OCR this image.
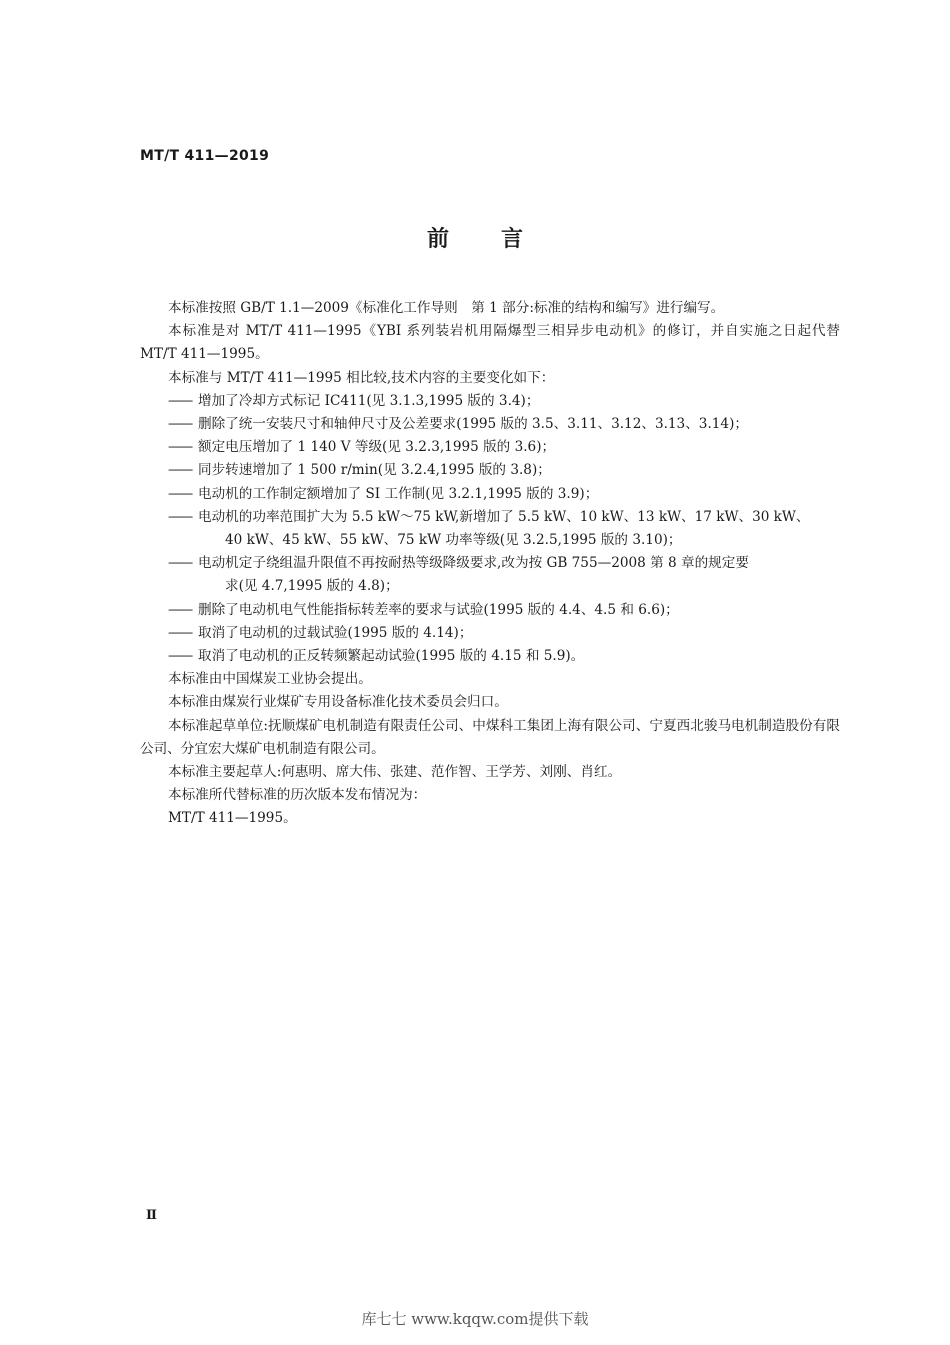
MT/T 411—2019
前言
本标准按照 GB/T 1.1—2009《标准化工作导则　第 1 部分:标准的结构和编写》进行编写。
本标准是对 MT/T 411—1995《YBI 系列装岩机用隔爆型三相异步电动机》的修订，并自实施之日起代替 MT/T 411—1995。
本标准与 MT/T 411—1995 相比较,技术内容的主要变化如下：
—— 增加了冷却方式标记 IC411(见 3.1.3,1995 版的 3.4)；
—— 删除了统一安装尺寸和轴伸尺寸及公差要求(1995 版的 3.5、3.11、3.12、3.13、3.14)；
—— 额定电压增加了 1 140 V 等级(见 3.2.3,1995 版的 3.6)；
—— 同步转速增加了 1 500 r/min(见 3.2.4,1995 版的 3.8)；
—— 电动机的工作制定额增加了 SI 工作制(见 3.2.1,1995 版的 3.9)；
—— 电动机的功率范围扩大为 5.5 kW～75 kW,新增加了 5.5 kW、10 kW、13 kW、17 kW、30 kW、
40 kW、45 kW、55 kW、75 kW 功率等级(见 3.2.5,1995 版的 3.10)；
—— 电动机定子绕组温升限值不再按耐热等级降级要求,改为按 GB 755—2008 第 8 章的规定要
求(见 4.7,1995 版的 4.8)；
—— 删除了电动机电气性能指标转差率的要求与试验(1995 版的 4.4、4.5 和 6.6)；
—— 取消了电动机的过载试验(1995 版的 4.14)；
—— 取消了电动机的正反转频繁起动试验(1995 版的 4.15 和 5.9)。
本标准由中国煤炭工业协会提出。
本标准由煤炭行业煤矿专用设备标准化技术委员会归口。
本标准起草单位:抚顺煤矿电机制造有限责任公司、中煤科工集团上海有限公司、宁夏西北骏马电机制造股份有限公司、分宜宏大煤矿电机制造有限公司。
本标准主要起草人:何惠明、席大伟、张建、范作智、王学芳、刘刚、肖红。
本标准所代替标准的历次版本发布情况为：
MT/T 411—1995。
Ⅱ
库七七 www.kqqw.com提供下载
